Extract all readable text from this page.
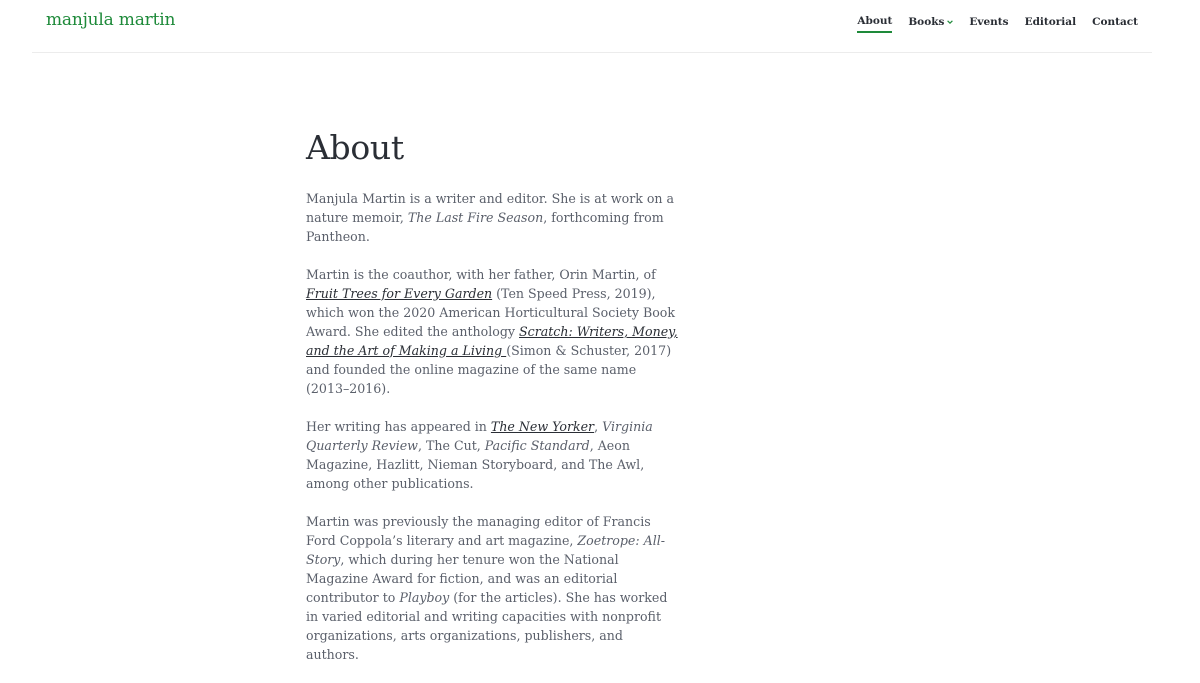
manjula martin	About Books Events Editorial Contact
About

Manjula Martin is a writer and editor. She is at work on a nature memoir, The Last Fire Season, forthcoming from Pantheon.

Martin is the coauthor, with her father, Orin Martin, of Fruit Trees for Every Garden (Ten Speed Press, 2019), which won the 2020 American Horticultural Society Book Award. She edited the anthology Scratch: Writers, Money, and the Art of Making a Living (Simon & Schuster, 2017) and founded the online magazine of the same name (2013–2016).

Her writing has appeared in The New Yorker, Virginia Quarterly Review, The Cut, Pacific Standard, Aeon Magazine, Hazlitt, Nieman Storyboard, and The Awl, among other publications.

Martin was previously the managing editor of Francis Ford Coppola’s literary and art magazine, Zoetrope: All-Story, which during her tenure won the National Magazine Award for fiction, and was an editorial contributor to Playboy (for the articles). She has worked in varied editorial and writing capacities with nonprofit organizations, arts organizations, publishers, and authors.
